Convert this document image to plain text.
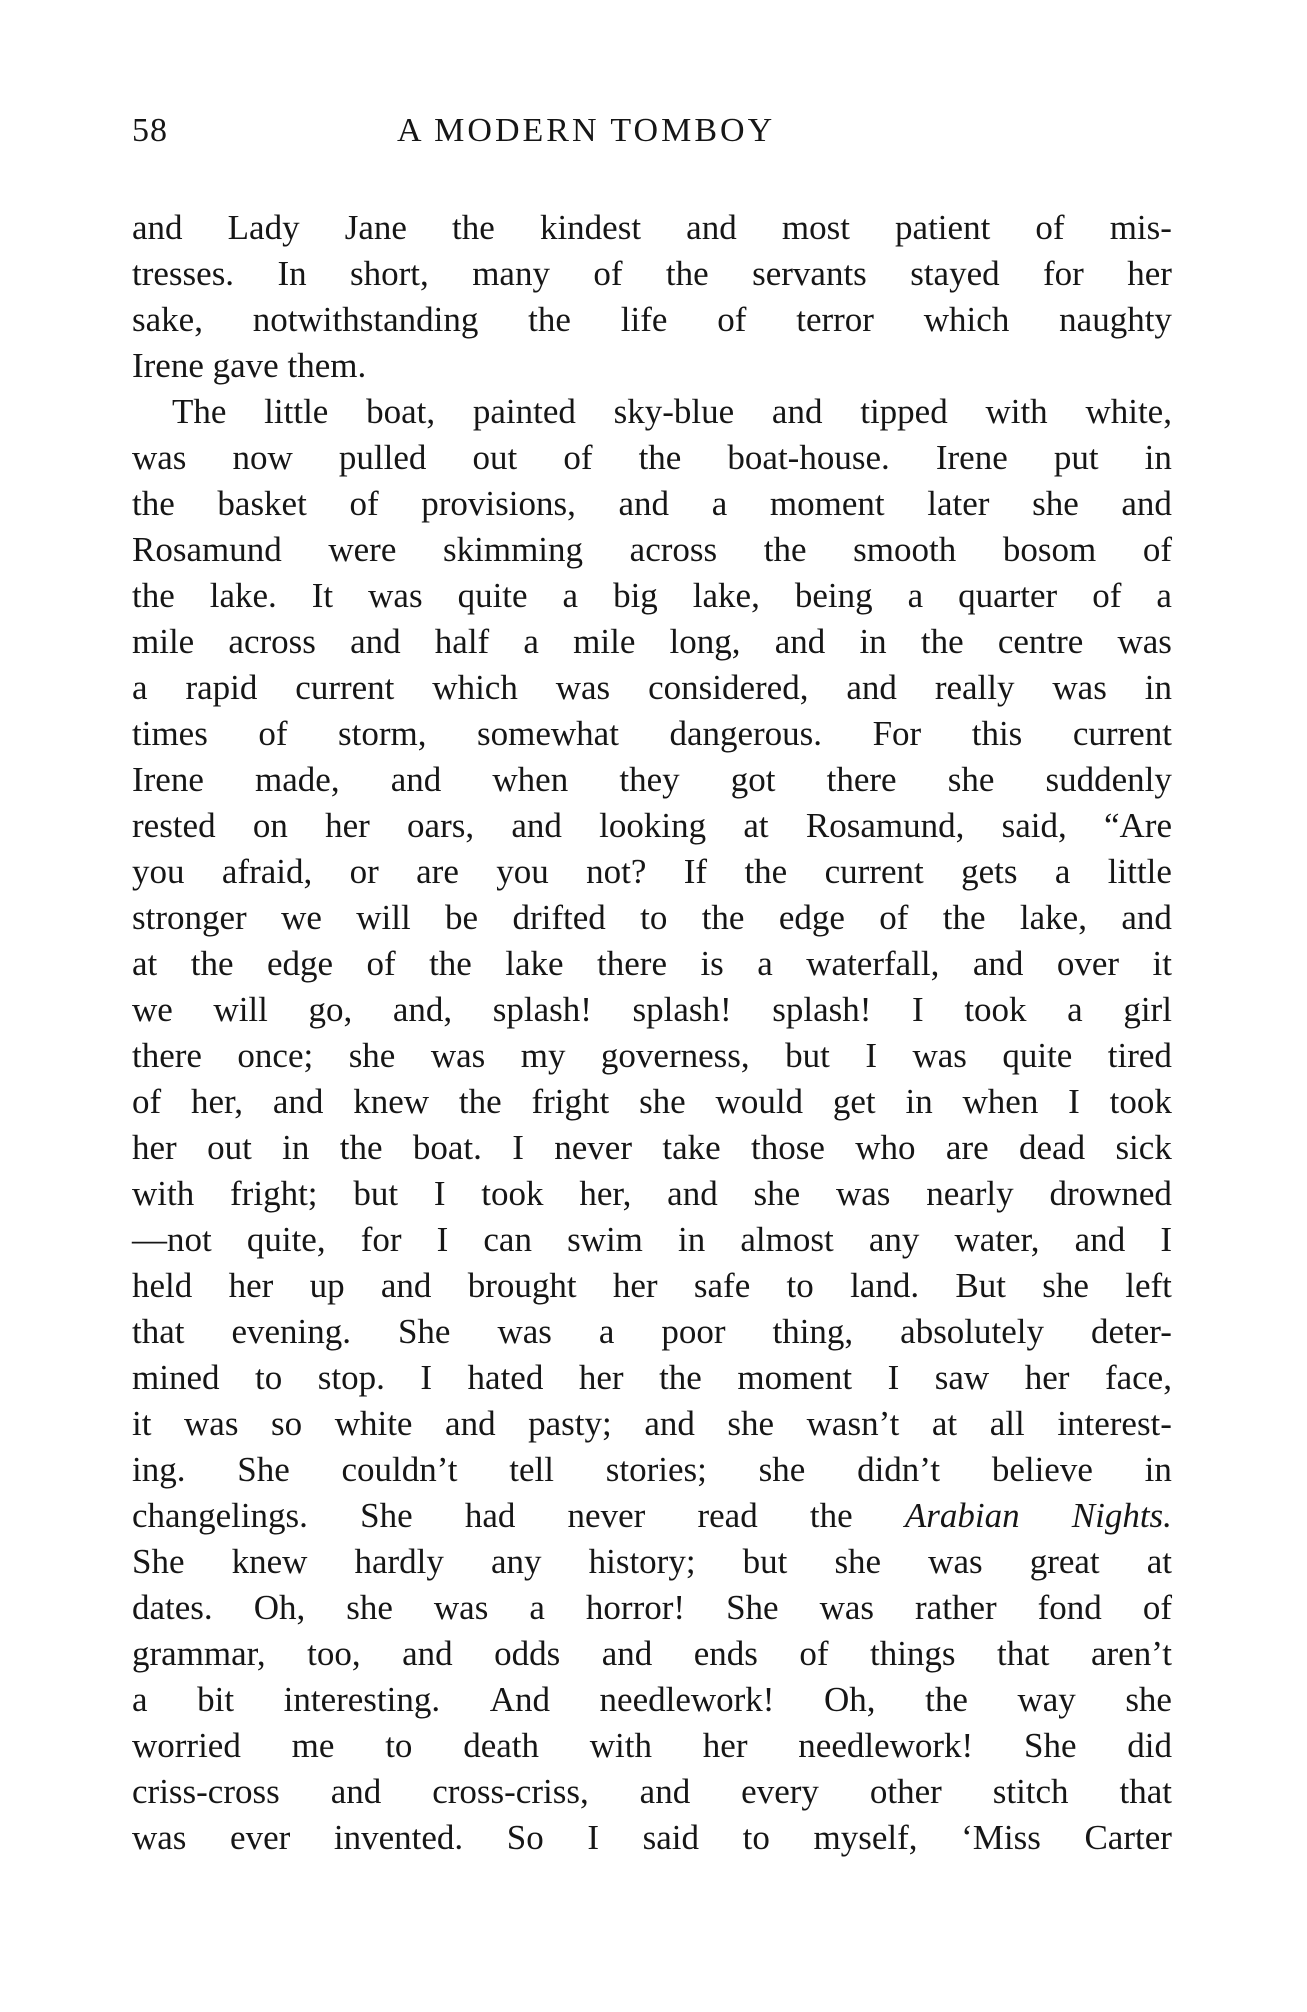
58	A MODERN TOMBOY
and Lady Jane the kindest and most patient of mis-
tresses. In short, many of the servants stayed for her
sake, notwithstanding the life of terror which naughty
Irene gave them.
The little boat, painted sky-blue and tipped with white,
was now pulled out of the boat-house. Irene put in
the basket of provisions, and a moment later she and
Rosamund were skimming across the smooth bosom of
the lake. It was quite a big lake, being a quarter of a
mile across and half a mile long, and in the centre was
a rapid current which was considered, and really was in
times of storm, somewhat dangerous. For this current
Irene made, and when they got there she suddenly
rested on her oars, and looking at Rosamund, said, “Are
you afraid, or are you not? If the current gets a little
stronger we will be drifted to the edge of the lake, and
at the edge of the lake there is a waterfall, and over it
we will go, and, splash! splash! splash! I took a girl
there once; she was my governess, but I was quite tired
of her, and knew the fright she would get in when I took
her out in the boat. I never take those who are dead sick
with fright; but I took her, and she was nearly drowned
—not quite, for I can swim in almost any water, and I
held her up and brought her safe to land. But she left
that evening. She was a poor thing, absolutely deter-
mined to stop. I hated her the moment I saw her face,
it was so white and pasty; and she wasn’t at all interest-
ing. She couldn’t tell stories; she didn’t believe in
changelings. She had never read the Arabian Nights.
She knew hardly any history; but she was great at
dates. Oh, she was a horror! She was rather fond of
grammar, too, and odds and ends of things that aren’t
a bit interesting. And needlework! Oh, the way she
worried me to death with her needlework! She did
criss-cross and cross-criss, and every other stitch that
was ever invented. So I said to myself, ‘Miss Carter
